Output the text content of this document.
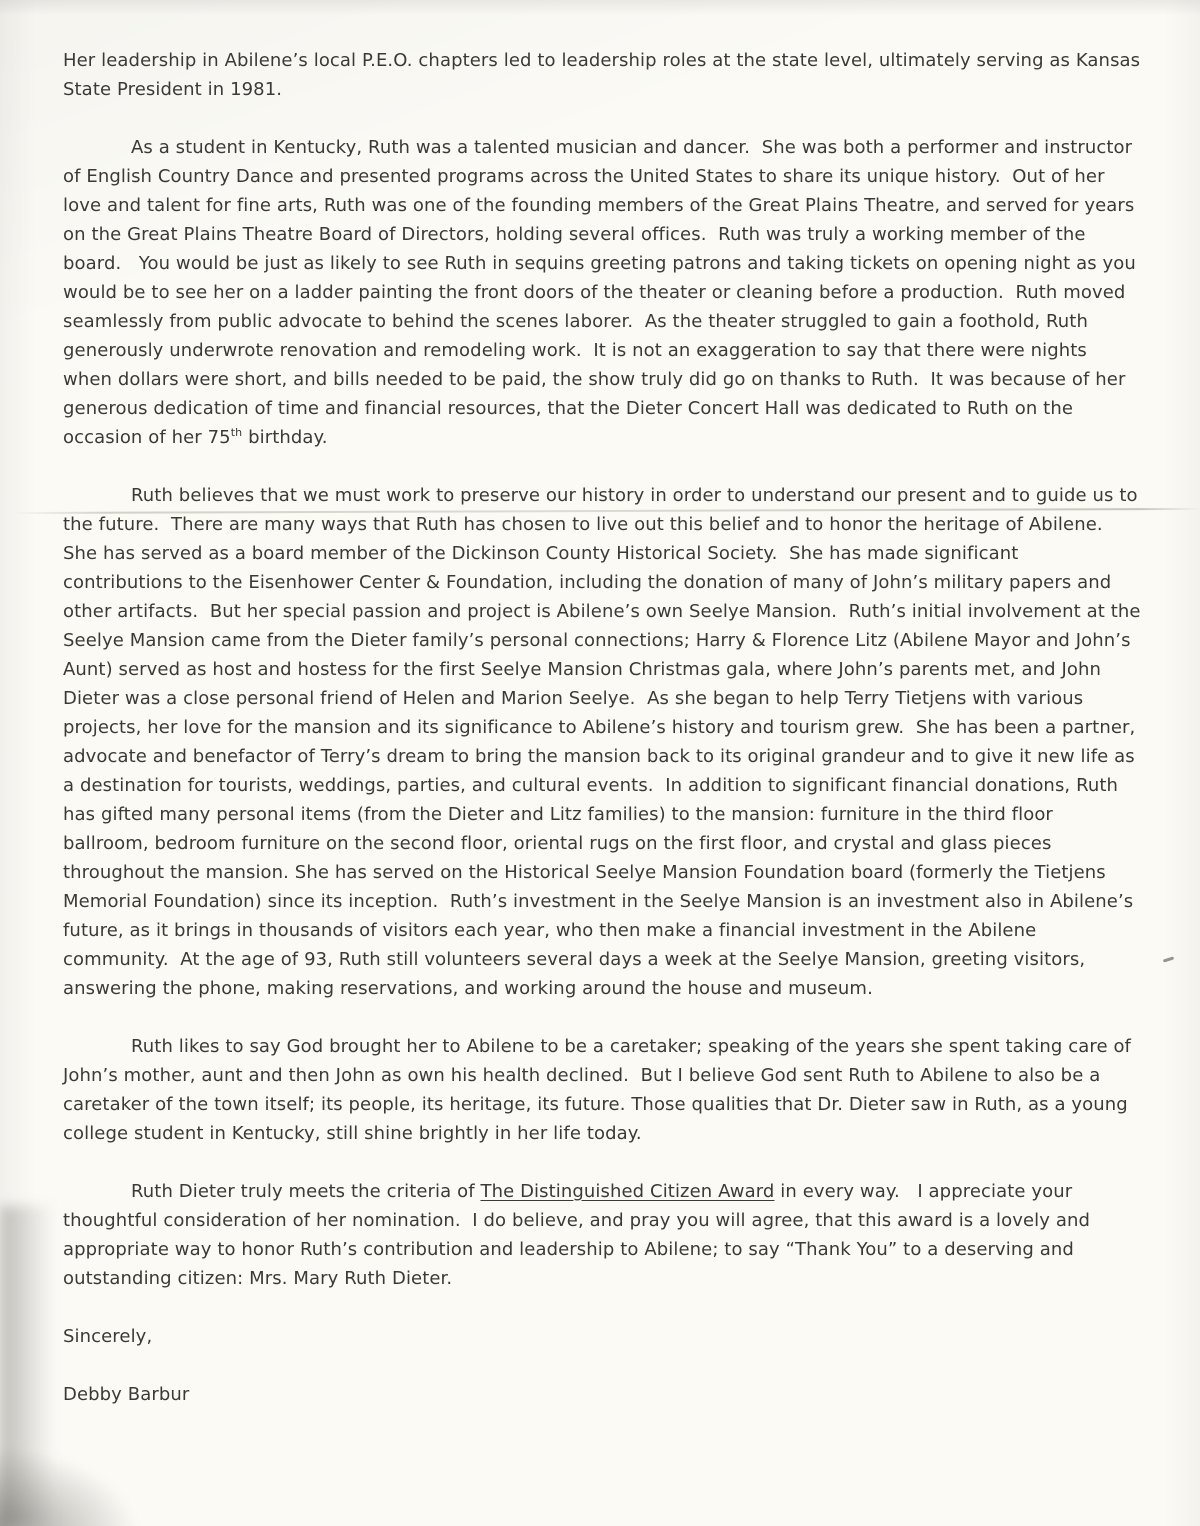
Her leadership in Abilene’s local P.E.O. chapters led to leadership roles at the state level, ultimately serving as Kansas State President in 1981.

As a student in Kentucky, Ruth was a talented musician and dancer.  She was both a performer and instructor of English Country Dance and presented programs across the United States to share its unique history.  Out of her love and talent for fine arts, Ruth was one of the founding members of the Great Plains Theatre, and served for years on the Great Plains Theatre Board of Directors, holding several offices.  Ruth was truly a working member of the board.   You would be just as likely to see Ruth in sequins greeting patrons and taking tickets on opening night as you would be to see her on a ladder painting the front doors of the theater or cleaning before a production.  Ruth moved seamlessly from public advocate to behind the scenes laborer.  As the theater struggled to gain a foothold, Ruth generously underwrote renovation and remodeling work.  It is not an exaggeration to say that there were nights when dollars were short, and bills needed to be paid, the show truly did go on thanks to Ruth.  It was because of her generous dedication of time and financial resources, that the Dieter Concert Hall was dedicated to Ruth on the occasion of her 75th birthday.

Ruth believes that we must work to preserve our history in order to understand our present and to guide us to the future.  There are many ways that Ruth has chosen to live out this belief and to honor the heritage of Abilene.  She has served as a board member of the Dickinson County Historical Society.  She has made significant contributions to the Eisenhower Center & Foundation, including the donation of many of John’s military papers and other artifacts.  But her special passion and project is Abilene’s own Seelye Mansion.  Ruth’s initial involvement at the Seelye Mansion came from the Dieter family’s personal connections; Harry & Florence Litz (Abilene Mayor and John’s Aunt) served as host and hostess for the first Seelye Mansion Christmas gala, where John’s parents met, and John Dieter was a close personal friend of Helen and Marion Seelye.  As she began to help Terry Tietjens with various projects, her love for the mansion and its significance to Abilene’s history and tourism grew.  She has been a partner, advocate and benefactor of Terry’s dream to bring the mansion back to its original grandeur and to give it new life as a destination for tourists, weddings, parties, and cultural events.  In addition to significant financial donations, Ruth has gifted many personal items (from the Dieter and Litz families) to the mansion: furniture in the third floor ballroom, bedroom furniture on the second floor, oriental rugs on the first floor, and crystal and glass pieces throughout the mansion. She has served on the Historical Seelye Mansion Foundation board (formerly the Tietjens Memorial Foundation) since its inception.  Ruth’s investment in the Seelye Mansion is an investment also in Abilene’s future, as it brings in thousands of visitors each year, who then make a financial investment in the Abilene community.  At the age of 93, Ruth still volunteers several days a week at the Seelye Mansion, greeting visitors, answering the phone, making reservations, and working around the house and museum.

Ruth likes to say God brought her to Abilene to be a caretaker; speaking of the years she spent taking care of John’s mother, aunt and then John as own his health declined.  But I believe God sent Ruth to Abilene to also be a caretaker of the town itself; its people, its heritage, its future. Those qualities that Dr. Dieter saw in Ruth, as a young college student in Kentucky, still shine brightly in her life today.

Ruth Dieter truly meets the criteria of The Distinguished Citizen Award in every way.   I appreciate your thoughtful consideration of her nomination.  I do believe, and pray you will agree, that this award is a lovely and appropriate way to honor Ruth’s contribution and leadership to Abilene; to say “Thank You” to a deserving and outstanding citizen: Mrs. Mary Ruth Dieter.

Sincerely,

Debby Barbur
